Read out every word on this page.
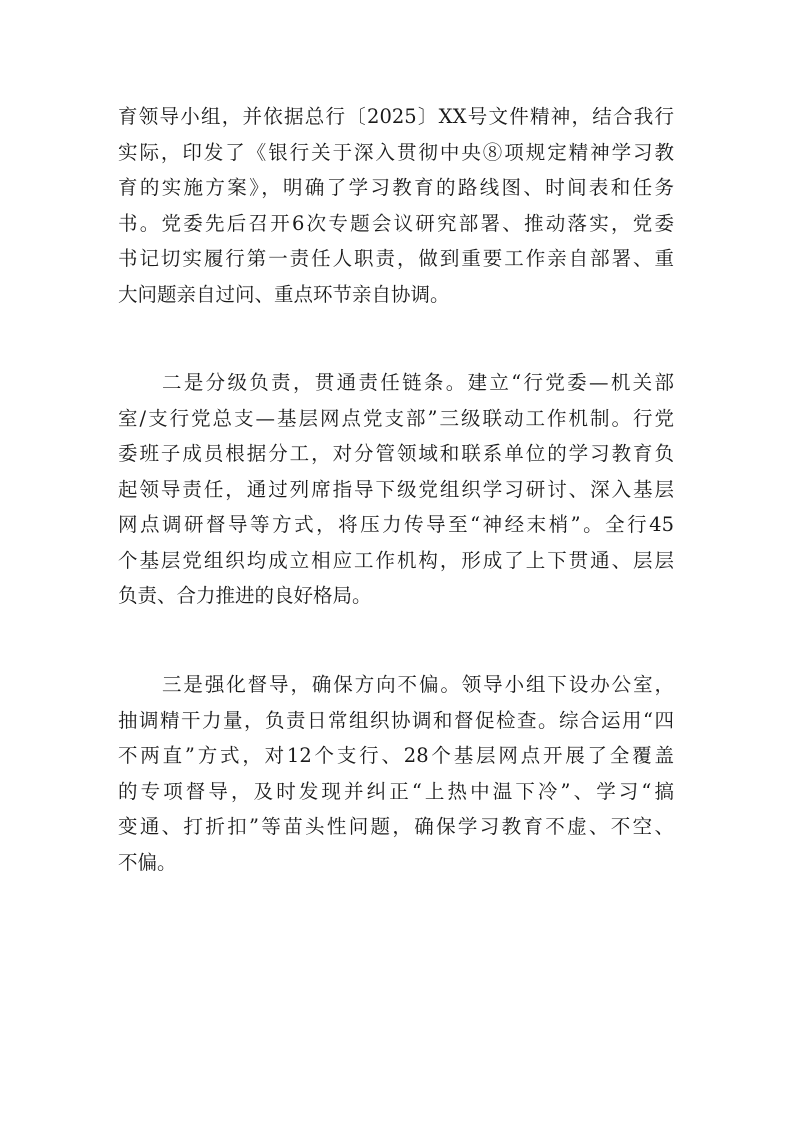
育领导小组，并依据总行〔2025〕XX号文件精神，结合我行
实际，印发了《银行关于深入贯彻中央⑧项规定精神学习教
育的实施方案》，明确了学习教育的路线图、时间表和任务
书。党委先后召开6次专题会议研究部署、推动落实，党委
书记切实履行第一责任人职责，做到重要工作亲自部署、重
大问题亲自过问、重点环节亲自协调。
二是分级负责，贯通责任链条。建立“行党委—机关部
室/支行党总支—基层网点党支部”三级联动工作机制。行党
委班子成员根据分工，对分管领域和联系单位的学习教育负
起领导责任，通过列席指导下级党组织学习研讨、深入基层
网点调研督导等方式，将压力传导至“神经末梢”。全行45
个基层党组织均成立相应工作机构，形成了上下贯通、层层
负责、合力推进的良好格局。
三是强化督导，确保方向不偏。领导小组下设办公室，
抽调精干力量，负责日常组织协调和督促检查。综合运用“四
不两直”方式，对12个支行、28个基层网点开展了全覆盖
的专项督导，及时发现并纠正“上热中温下冷”、学习“搞
变通、打折扣”等苗头性问题，确保学习教育不虚、不空、
不偏。
